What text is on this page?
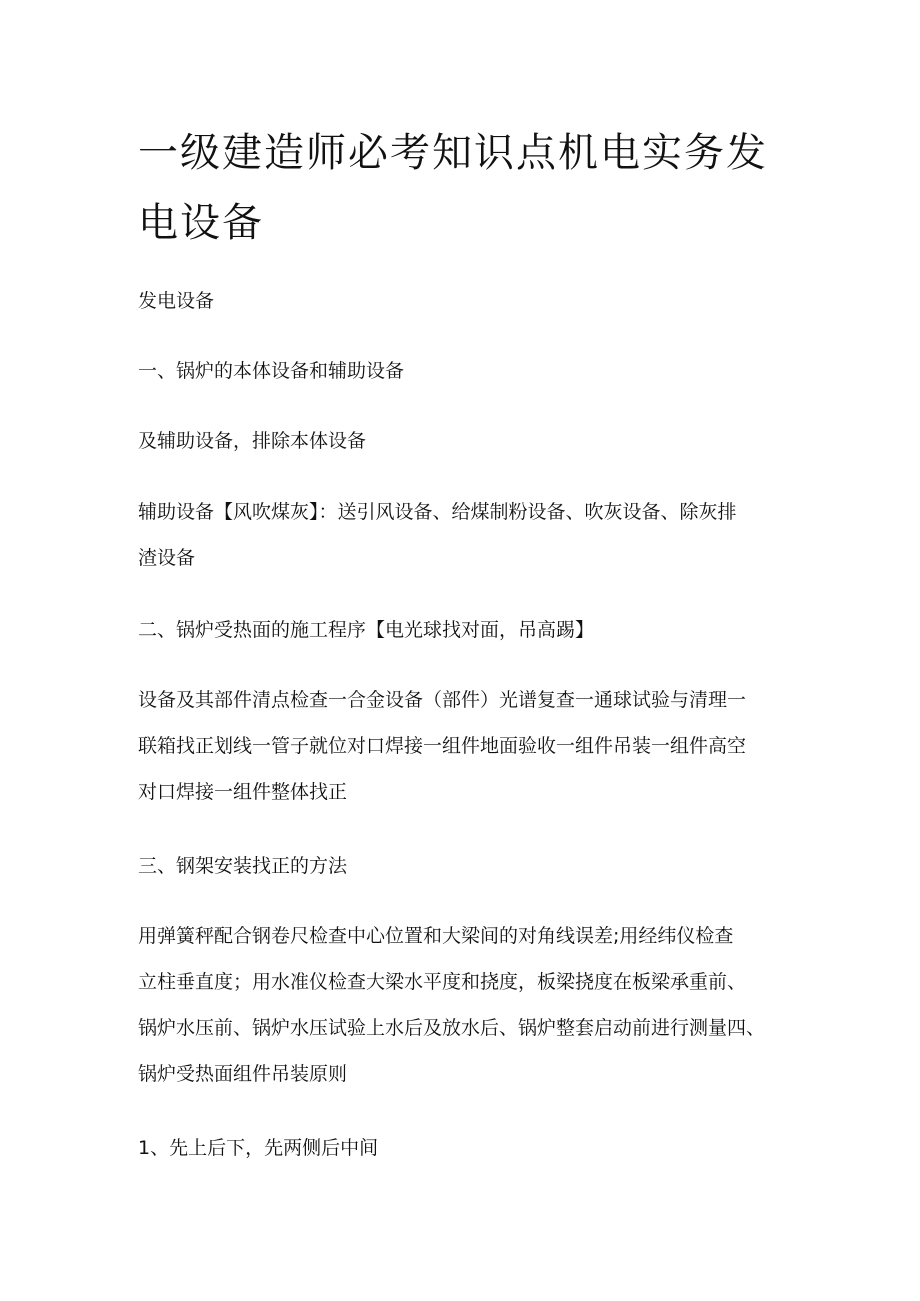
一级建造师必考知识点机电实务发
电设备

发电设备

一、锅炉的本体设备和辅助设备

及辅助设备，排除本体设备

辅助设备【风吹煤灰】：送引风设备、给煤制粉设备、吹灰设备、除灰排
渣设备

二、锅炉受热面的施工程序【电光球找对面，吊高踢】

设备及其部件清点检查一合金设备（部件）光谱复查一通球试验与清理一
联箱找正划线一管子就位对口焊接一组件地面验收一组件吊装一组件高空
对口焊接一组件整体找正

三、钢架安装找正的方法

用弹簧秤配合钢卷尺检查中心位置和大梁间的对角线误差;用经纬仪检查
立柱垂直度；用水准仪检查大梁水平度和挠度，板梁挠度在板梁承重前、
锅炉水压前、锅炉水压试验上水后及放水后、锅炉整套启动前进行测量四、
锅炉受热面组件吊装原则

1、先上后下，先两侧后中间
